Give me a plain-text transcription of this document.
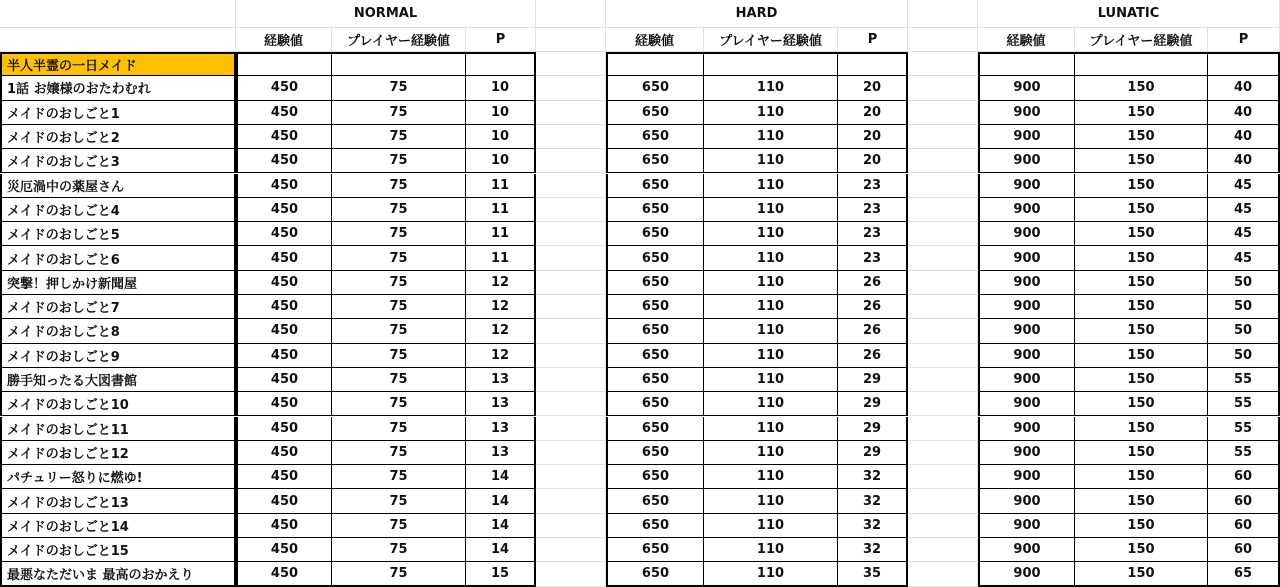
NORMAL	HARD	LUNATIC
経験値	プレイヤー経験値	P	経験値	プレイヤー経験値	P	経験値	プレイヤー経験値	P
半人半霊の一日メイド
1話 お嬢様のおたわむれ	450	75	10	650	110	20	900	150	40
メイドのおしごと1	450	75	10	650	110	20	900	150	40
メイドのおしごと2	450	75	10	650	110	20	900	150	40
メイドのおしごと3	450	75	10	650	110	20	900	150	40
災厄渦中の薬屋さん	450	75	11	650	110	23	900	150	45
メイドのおしごと4	450	75	11	650	110	23	900	150	45
メイドのおしごと5	450	75	11	650	110	23	900	150	45
メイドのおしごと6	450	75	11	650	110	23	900	150	45
突撃！押しかけ新聞屋	450	75	12	650	110	26	900	150	50
メイドのおしごと7	450	75	12	650	110	26	900	150	50
メイドのおしごと8	450	75	12	650	110	26	900	150	50
メイドのおしごと9	450	75	12	650	110	26	900	150	50
勝手知ったる大図書館	450	75	13	650	110	29	900	150	55
メイドのおしごと10	450	75	13	650	110	29	900	150	55
メイドのおしごと11	450	75	13	650	110	29	900	150	55
メイドのおしごと12	450	75	13	650	110	29	900	150	55
パチュリー怒りに燃ゆ!	450	75	14	650	110	32	900	150	60
メイドのおしごと13	450	75	14	650	110	32	900	150	60
メイドのおしごと14	450	75	14	650	110	32	900	150	60
メイドのおしごと15	450	75	14	650	110	32	900	150	60
最悪なただいま 最高のおかえり	450	75	15	650	110	35	900	150	65
